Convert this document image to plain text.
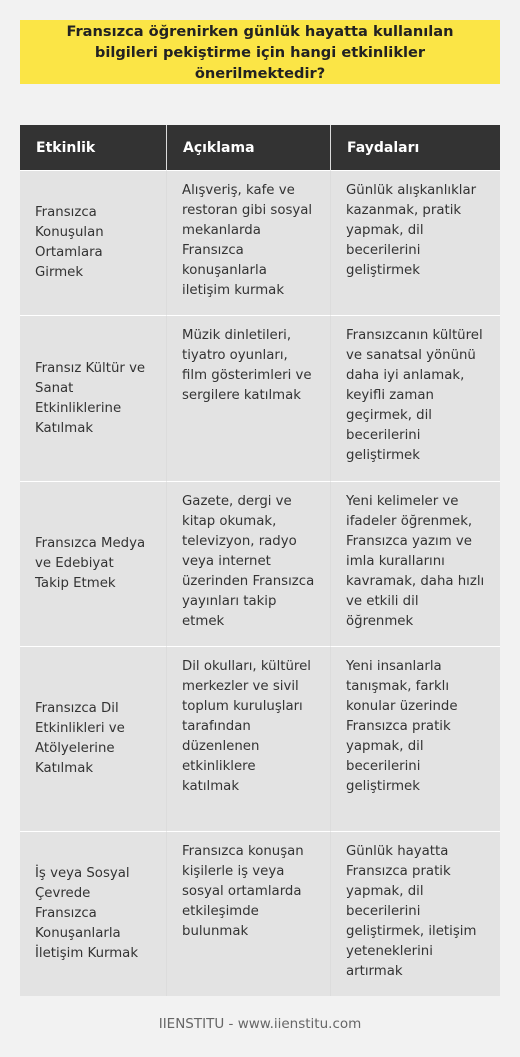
Fransızca öğrenirken günlük hayatta kullanılan bilgileri pekiştirme için hangi etkinlikler önerilmektedir?
Etkinlik	Açıklama	Faydaları
Fransızca Konuşulan Ortamlara Girmek	Alışveriş, kafe ve restoran gibi sosyal mekanlarda Fransızca konuşanlarla iletişim kurmak	Günlük alışkanlıklar kazanmak, pratik yapmak, dil becerilerini geliştirmek
Fransız Kültür ve Sanat Etkinliklerine Katılmak	Müzik dinletileri, tiyatro oyunları, film gösterimleri ve sergilere katılmak	Fransızcanın kültürel ve sanatsal yönünü daha iyi anlamak, keyifli zaman geçirmek, dil becerilerini geliştirmek
Fransızca Medya ve Edebiyat Takip Etmek	Gazete, dergi ve kitap okumak, televizyon, radyo veya internet üzerinden Fransızca yayınları takip etmek	Yeni kelimeler ve ifadeler öğrenmek, Fransızca yazım ve imla kurallarını kavramak, daha hızlı ve etkili dil öğrenmek
Fransızca Dil Etkinlikleri ve Atölyelerine Katılmak	Dil okulları, kültürel merkezler ve sivil toplum kuruluşları tarafından düzenlenen etkinliklere katılmak	Yeni insanlarla tanışmak, farklı konular üzerinde Fransızca pratik yapmak, dil becerilerini geliştirmek
İş veya Sosyal Çevrede Fransızca Konuşanlarla İletişim Kurmak	Fransızca konuşan kişilerle iş veya sosyal ortamlarda etkileşimde bulunmak	Günlük hayatta Fransızca pratik yapmak, dil becerilerini geliştirmek, iletişim yeteneklerini artırmak
IIENSTITU - www.iienstitu.com
